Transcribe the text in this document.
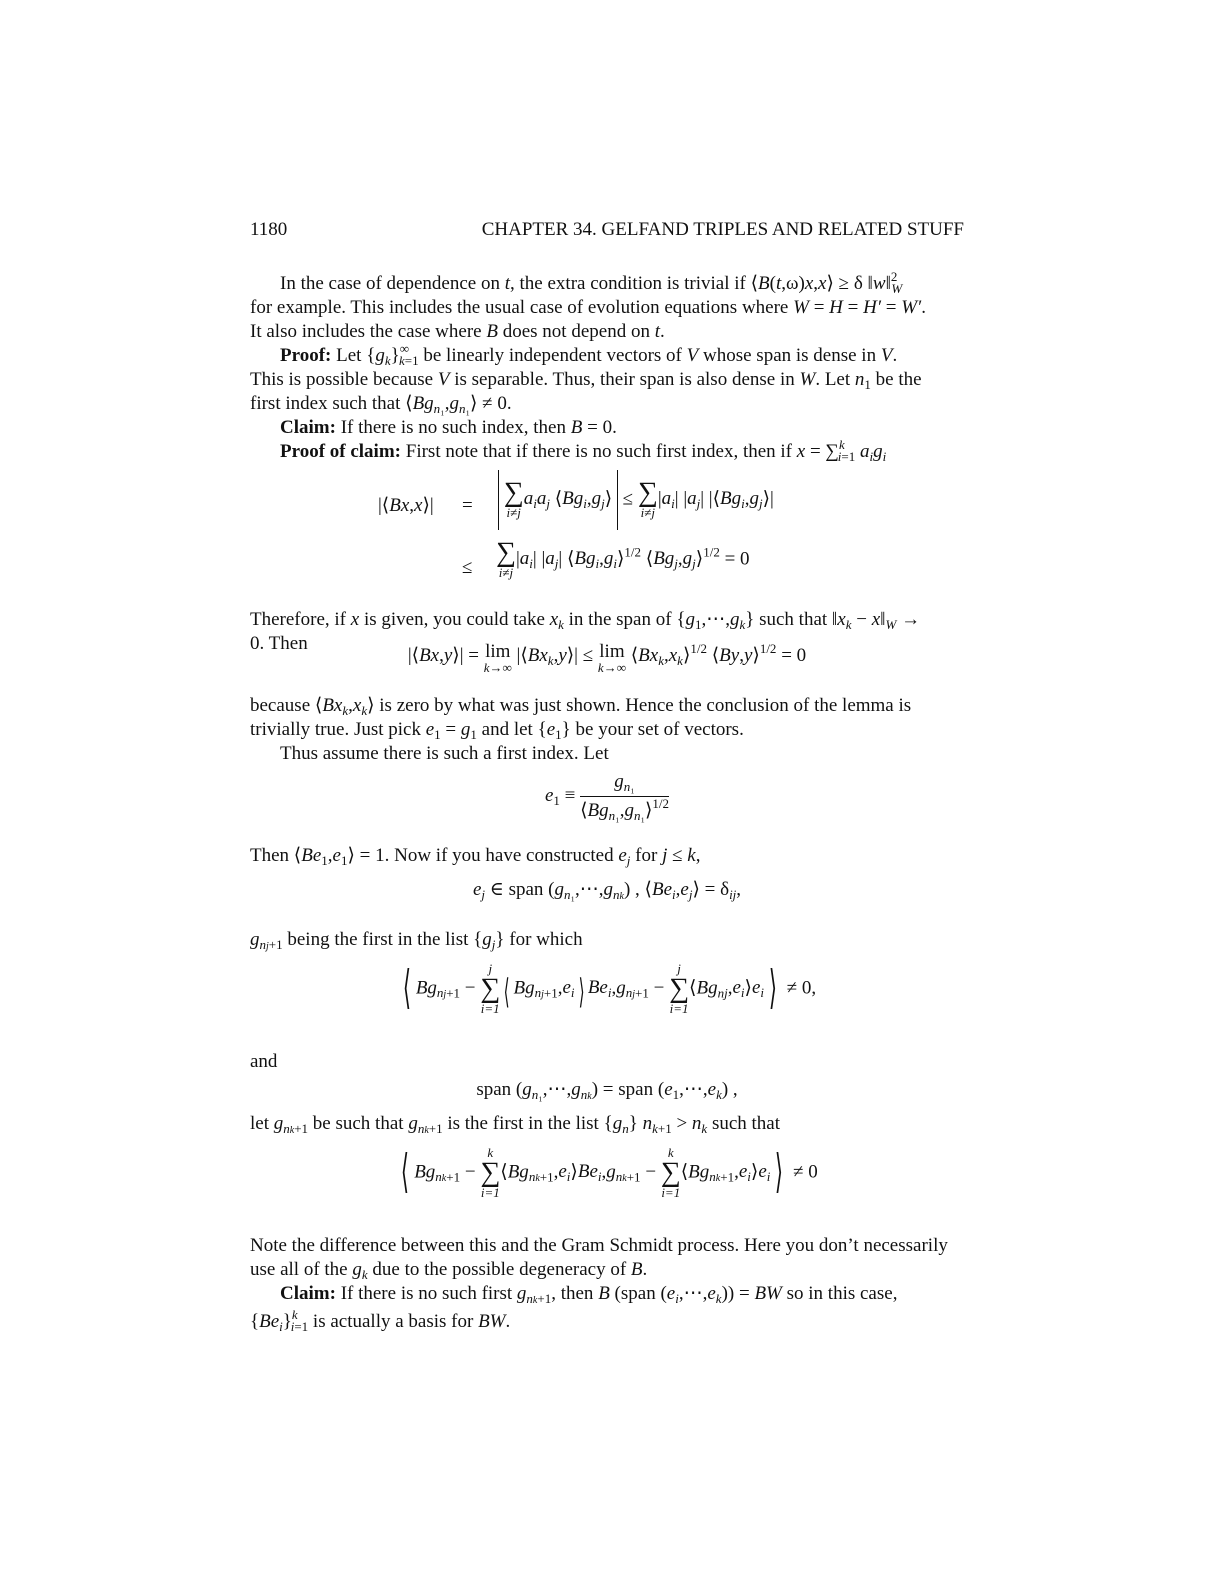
1180	CHAPTER 34. GELFAND TRIPLES AND RELATED STUFF

In the case of dependence on t, the extra condition is trivial if ⟨B(t,ω)x,x⟩ ≥ δ ‖w‖$^2_W$

for example. This includes the usual case of evolution equations where W = H = H′ = W′.

It also includes the case where B does not depend on t.

Proof: Let $\{g_k\}^\infty_{k=1}$ be linearly independent vectors of V whose span is dense in V.

This is possible because V is separable. Thus, their span is also dense in W. Let $n_1$ be the

first index such that $⟨Bg_{n_1},g_{n_1}⟩ \ne 0$.

Claim: If there is no such index, then B = 0.

Proof of claim: First note that if there is no such first index, then if x = ∑$^k_{i=1}$ $a_ig_i$

|⟨Bx,x⟩| =
∑
i≠j
$a_ia_j$ $⟨Bg_i,g_j⟩$  ≤ ∑
i≠j
$|a_i|$ $|a_j|$ $|⟨Bg_i,g_j⟩|$
≤ ∑
i≠j
$|a_i|$ $|a_j|$ $⟨Bg_i,g_i⟩^{1/2}$ $⟨Bg_j,g_j⟩^{1/2} = 0$

Therefore, if x is given, you could take $x_k$ in the span of $\{g_1,\cdots,g_k\}$ such that $‖x_k$ − $x‖_W$ →

0. Then

|⟨Bx,y⟩| = lim
k→∞
$|⟨Bx_k,y⟩| \le \lim$
k→∞
$⟨Bx_k,x_k⟩^{1/2}$ ⟨By,y⟩$^{1/2}$ = 0

because $⟨Bx_k,x_k⟩$ is zero by what was just shown. Hence the conclusion of the lemma is

trivially true. Just pick $e_1 = g_1$ and let $\{e_1\}$ be your set of vectors.

Thus assume there is such a first index. Let

$e_1 \equiv \frac{g_{n_1}}{⟨Bg_{n_1},g_{n_1}⟩^{1/2}}$

Then $⟨Be_1,e_1⟩ = 1$. Now if you have constructed $e_j$ for j ≤ k,

$e_j$ ∈ span $(g_{n_1},\cdots,g_{nk})$ , $⟨Be_i,e_j⟩ = \delta_{ij}$,

$g_{nj+1}$ being the first in the list $\{g_j\}$ for which

⟨ $Bg_{nj+1}$ −
j
∑
i=1 ⟨ $Bg_{nj+1},e_i$ ⟩ $Be_i,g_{nj+1}$ −
j
∑
i=1
$⟨Bg_{nj},e_i⟩e_i$ ⟩ ≠ 0,

and

span $(g_{n_1},\cdots,g_{nk})$ = span $(e_1,\cdots,e_k)$ ,

let $g_{nk+1}$ be such that $g_{nk+1}$ is the first in the list $\{g_n\} n_{k+1} > n_k$ such that

⟨ $Bg_{nk+1}$ −
k
∑
i=1
$⟨Bg_{nk+1},e_i⟩Be_i,g_{nk+1}$ −
k
∑
i=1
$⟨Bg_{nk+1},e_i⟩e_i$ ⟩ ≠ 0

Note the difference between this and the Gram Schmidt process. Here you don’t necessarily

use all of the $g_k$ due to the possible degeneracy of B.

Claim: If there is no such first $g_{nk+1}$, then B (span $(e_i,\cdots,e_k)$) = BW so in this case,

$\{Be_i\}^k_{i=1}$ is actually a basis for BW.
